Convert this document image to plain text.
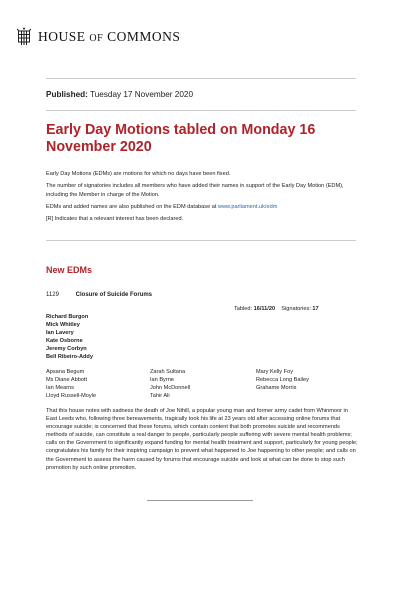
HOUSE OF COMMONS
Published: Tuesday 17 November 2020
Early Day Motions tabled on Monday 16 November 2020

Early Day Motions (EDMs) are motions for which no days have been fixed.

The number of signatories includes all members who have added their names in support of the Early Day Motion (EDM), including the Member in charge of the Motion.

EDMs and added names are also published on the EDM database at www.parliament.uk/edm

[R] Indicates that a relevant interest has been declared.

New EDMs
1129	Closure of Suicide Forums
Tabled: 16/11/20 Signatories: 17
Richard Burgon
Mick Whitley
Ian Lavery
Kate Osborne
Jeremy Corbyn
Bell Ribeiro-Addy
Apsana Begum
Ms Diane Abbott
Ian Mearns
Lloyd Russell-Moyle
Zarah Sultana
Ian Byrne
John McDonnell
Tahir Ali
Mary Kelly Foy
Rebecca Long Bailey
Grahame Morris
That this house notes with sadness the death of Joe Nihill, a popular young man and former army cadet from Whinmoor in East Leeds who, following three bereavements, tragically took his life at 23 years old after accessing online forums that encourage suicide; is concerned that these forums, which contain content that both promotes suicide and recommends methods of suicide, can constitute a real danger to people, particularly people suffering with severe mental health problems; calls on the Government to significantly expand funding for mental health treatment and support, particularly for young people; congratulates his family for their inspiring campaign to prevent what happened to Joe happening to other people; and calls on the Government to assess the harm caused by forums that encourage suicide and look at what can be done to stop such promotion by such online promotion.
